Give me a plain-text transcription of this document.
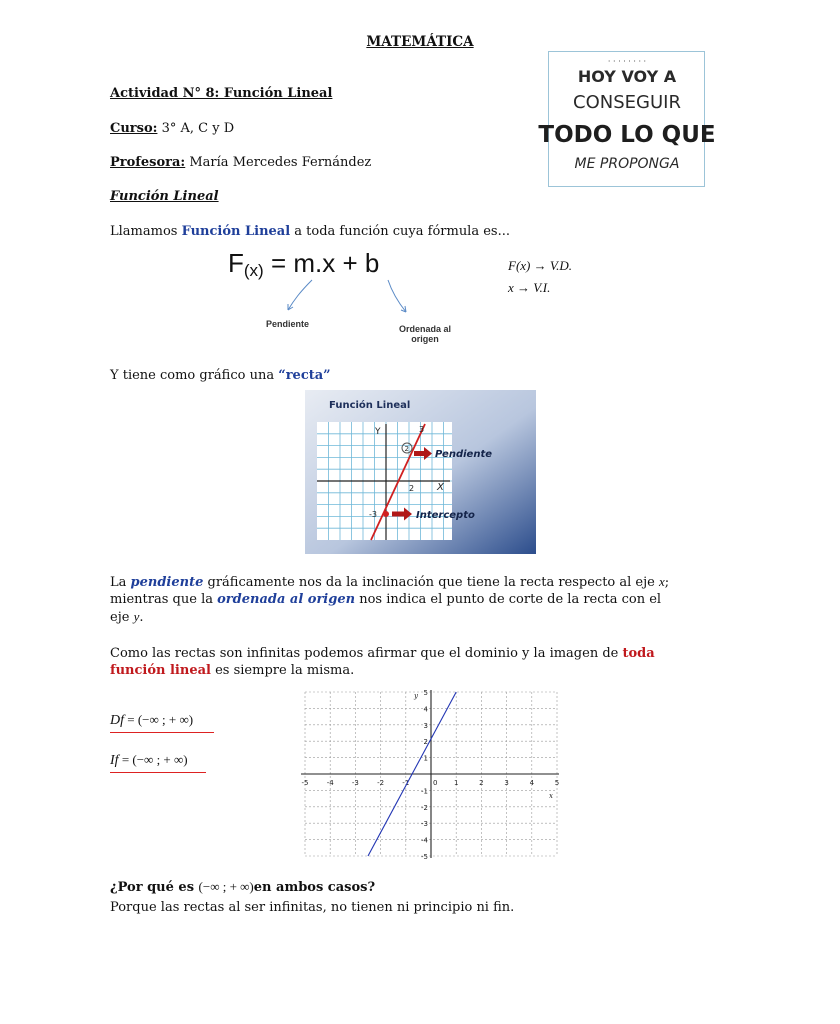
MATEMÁTICA
Actividad N° 8: Función Lineal
Curso: 3° A, C y D
Profesora: María Mercedes Fernández
· · · · · · · ·
HOY VOY A
CONSEGUIR
TODO LO QUE
ME PROPONGA
Función Lineal
Llamamos Función Lineal a toda función cuya fórmula es...
$F_{(x)} = m.x + b$
Pendiente	Ordenada al
origen
F(x) → V.D.
x → V.I.
Y tiene como gráfico una “recta”
Función Lineal
2
Y
X
2
3
-3
Pendiente
Intercepto
La pendiente gráficamente nos da la inclinación que tiene la recta respecto al eje x;
mientras que la ordenada al origen nos indica el punto de corte de la recta con el
eje y.
Como las rectas son infinitas podemos afirmar que el dominio y la imagen de toda
función lineal es siempre la misma.
Df = (−∞ ; + ∞)
If = (−∞ ; + ∞)
-5	-4	-3	-2	-1	0 1	2	3	4	5
-5
-4
-3
-2
-1
1
2
3
4
5
x
y
¿Por qué es (−∞ ; + ∞)en ambos casos?
Porque las rectas al ser infinitas, no tienen ni principio ni fin.
